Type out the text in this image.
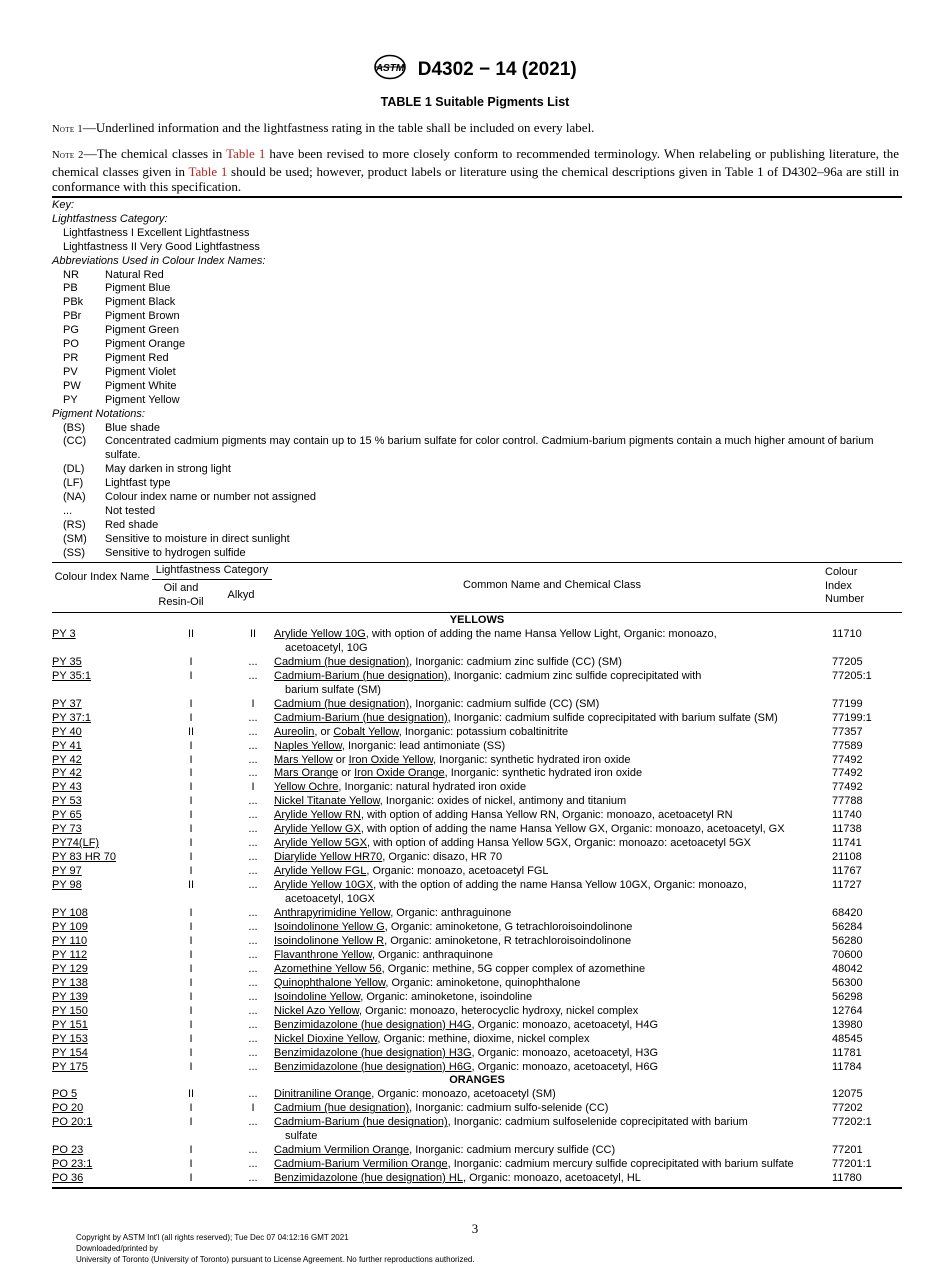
ASTM D4302 − 14 (2021)
TABLE 1 Suitable Pigments List
Note 1—Underlined information and the lightfastness rating in the table shall be included on every label.
Note 2—The chemical classes in Table 1 have been revised to more closely conform to recommended terminology. When relabeling or publishing literature, the chemical classes given in Table 1 should be used; however, product labels or literature using the chemical descriptions given in Table 1 of D4302–96a are still in conformance with this specification.
Key:
Lightfastness Category:
Lightfastness I Excellent Lightfastness
Lightfastness II Very Good Lightfastness
Abbreviations Used in Colour Index Names:
NR	Natural Red
PB	Pigment Blue
PBk	Pigment Black
PBr	Pigment Brown
PG	Pigment Green
PO	Pigment Orange
PR	Pigment Red
PV	Pigment Violet
PW	Pigment White
PY	Pigment Yellow
Pigment Notations:
(BS)	Blue shade
(CC)	Concentrated cadmium pigments may contain up to 15 % barium sulfate for color control. Cadmium-barium pigments contain a much higher amount of barium sulfate.
(DL)	May darken in strong light
(LF)	Lightfast type
(NA)	Colour index name or number not assigned
...	Not tested
(RS)	Red shade
(SM)	Sensitive to moisture in direct sunlight
(SS)	Sensitive to hydrogen sulfide
Colour Index Name
Lightfastness Category
Oil and Resin-Oil
Alkyd
Common Name and Chemical Class
Colour Index Number
YELLOWS				
PY 3	II	II	Arylide Yellow 10G, with option of adding the name Hansa Yellow Light, Organic: monoazo,
acetoacetyl, 10G	11710
PY 35	I	...	Cadmium (hue designation), Inorganic: cadmium zinc sulfide (CC) (SM)	77205
PY 35:1	I	...	Cadmium-Barium (hue designation), Inorganic: cadmium zinc sulfide coprecipitated with
barium sulfate (SM)	77205:1
PY 37	I	I	Cadmium (hue designation), Inorganic: cadmium sulfide (CC) (SM)	77199
PY 37:1	I	...	Cadmium-Barium (hue designation), Inorganic: cadmium sulfide coprecipitated with barium sulfate (SM)	77199:1
PY 40	II	...	Aureolin, or Cobalt Yellow, Inorganic: potassium cobaltinitrite	77357
PY 41	I	...	Naples Yellow, Inorganic: lead antimoniate (SS)	77589
PY 42	I	...	Mars Yellow or Iron Oxide Yellow, Inorganic: synthetic hydrated iron oxide	77492
PY 42	I	...	Mars Orange or Iron Oxide Orange, Inorganic: synthetic hydrated iron oxide	77492
PY 43	I	I	Yellow Ochre, Inorganic: natural hydrated iron oxide	77492
PY 53	I	...	Nickel Titanate Yellow, Inorganic: oxides of nickel, antimony and titanium	77788
PY 65	I	...	Arylide Yellow RN, with option of adding Hansa Yellow RN, Organic: monoazo, acetoacetyl RN	11740
PY 73	I	...	Arylide Yellow GX, with option of adding the name Hansa Yellow GX, Organic: monoazo, acetoacetyl, GX	11738
PY74(LF)	I	...	Arylide Yellow 5GX, with option of adding Hansa Yellow 5GX, Organic: monoazo: acetoacetyl 5GX	11741
PY 83 HR 70	I	...	Diarylide Yellow HR70, Organic: disazo, HR 70	21108
PY 97	I	...	Arylide Yellow FGL, Organic: monoazo, acetoacetyl FGL	11767
PY 98	II	...	Arylide Yellow 10GX, with the option of adding the name Hansa Yellow 10GX, Organic: monoazo,
acetoacetyl, 10GX	11727
PY 108	I	...	Anthrapyrimidine Yellow, Organic: anthraguinone	68420
PY 109	I	...	Isoindolinone Yellow G, Organic: aminoketone, G tetrachloroisoindolinone	56284
PY 110	I	...	Isoindolinone Yellow R, Organic: aminoketone, R tetrachloroisoindolinone	56280
PY 112	I	...	Flavanthrone Yellow, Organic: anthraquinone	70600
PY 129	I	...	Azomethine Yellow 56, Organic: methine, 5G copper complex of azomethine	48042
PY 138	I	...	Quinophthalone Yellow, Organic: aminoketone, quinophthalone	56300
PY 139	I	...	Isoindoline Yellow, Organic: aminoketone, isoindoline	56298
PY 150	I	...	Nickel Azo Yellow, Organic: monoazo, heterocyclic hydroxy, nickel complex	12764
PY 151	I	...	Benzimidazolone (hue designation) H4G, Organic: monoazo, acetoacetyl, H4G	13980
PY 153	I	...	Nickel Dioxine Yellow, Organic: methine, dioxime, nickel complex	48545
PY 154	I	...	Benzimidazolone (hue designation) H3G, Organic: monoazo, acetoacetyl, H3G	11781
PY 175	I	...	Benzimidazolone (hue designation) H6G, Organic: monoazo, acetoacetyl, H6G	11784
ORANGES				
PO 5	II	...	Dinitraniline Orange, Organic: monoazo, acetoacetyl (SM)	12075
PO 20	I	I	Cadmium (hue designation), Inorganic: cadmium sulfo-selenide (CC)	77202
PO 20:1	I	...	Cadmium-Barium (hue designation), Inorganic: cadmium sulfoselenide coprecipitated with barium
sulfate	77202:1
PO 23	I	...	Cadmium Vermilion Orange, Inorganic: cadmium mercury sulfide (CC)	77201
PO 23:1	I	...	Cadmium-Barium Vermilion Orange, Inorganic: cadmium mercury sulfide coprecipitated with barium sulfate	77201:1
PO 36	I	...	Benzimidazolone (hue designation) HL, Organic: monoazo, acetoacetyl, HL	11780
3
Copyright by ASTM Int'l (all rights reserved); Tue Dec 07 04:12:16 GMT 2021
Downloaded/printed by
University of Toronto (University of Toronto) pursuant to License Agreement. No further reproductions authorized.
